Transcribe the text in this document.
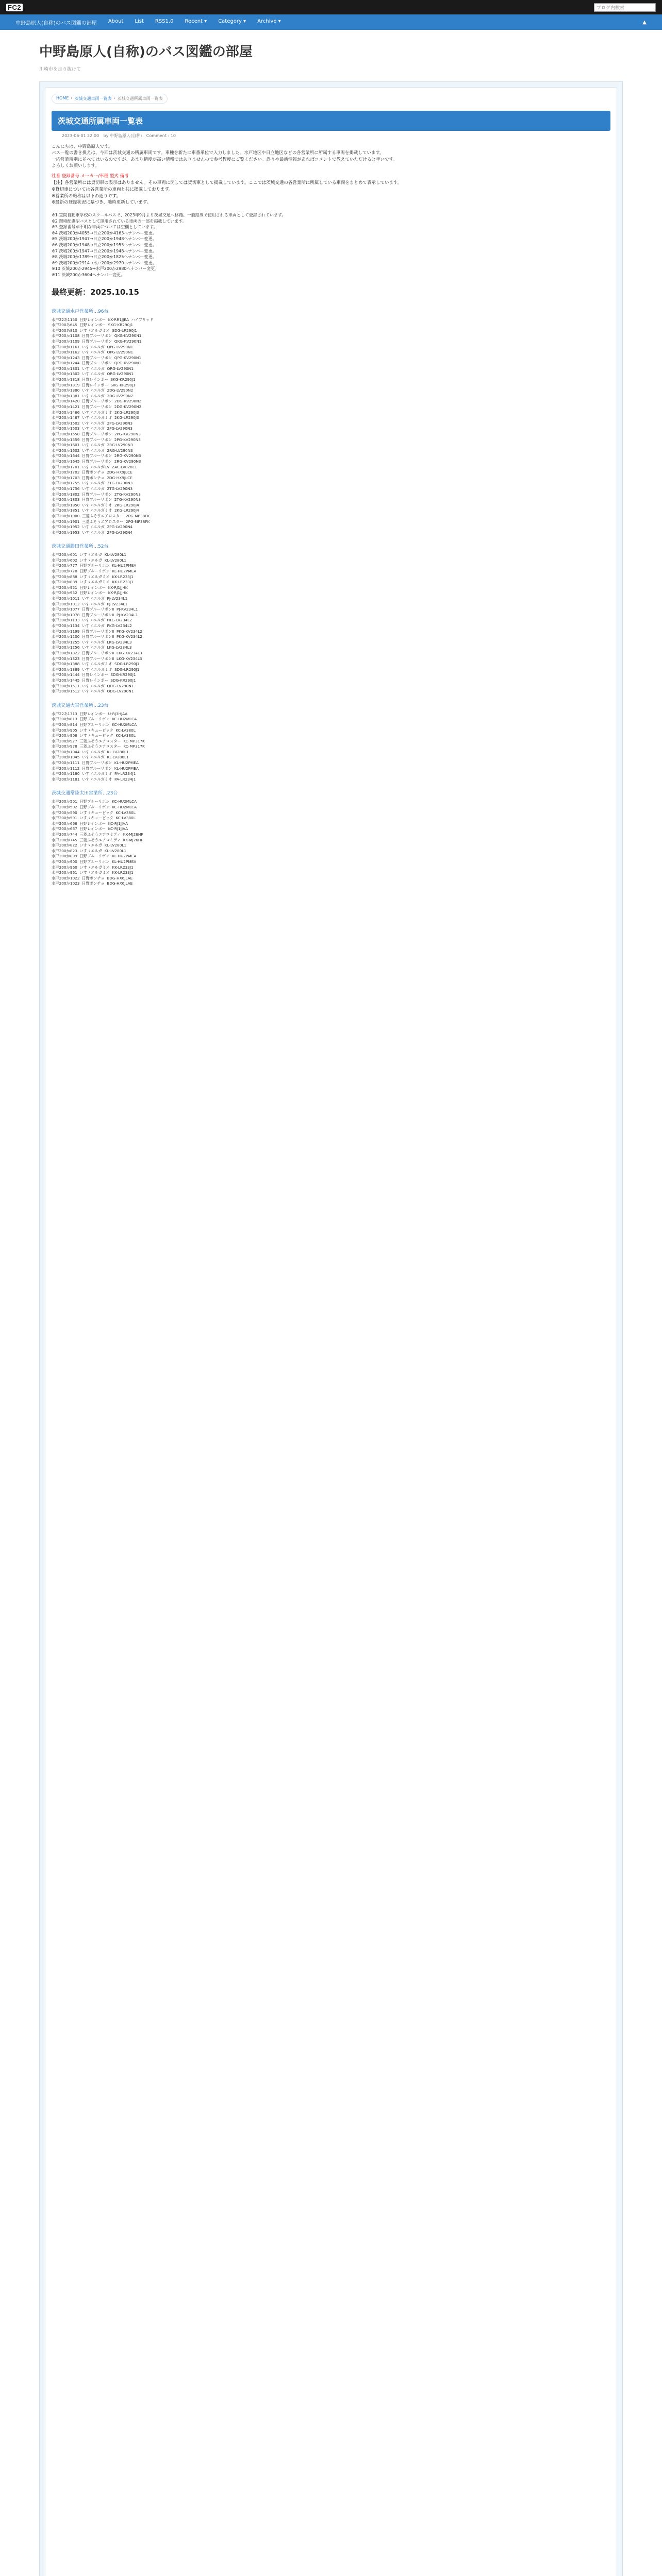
FC2	ブログ内検索
中野島原人(自称)のバス図鑑の部屋 About List RSS1.0 Recent ▾ Category ▾ Archive ▾	▲
中野島原人(自称)のバス図鑑の部屋
川崎市を走り抜けて
HOME › 茨城交通車両一覧表 › 茨城交通所属車両一覧表
茨城交通所属車両一覧表
2023-06-01 22:00 by 中野島原人(自称) Comment : 10
こんにちは、中野島原人です。
バス一覧の書き換えは、今回は茨城交通の所属車両です。車種を新たに車番単位で入力しました。水戸地区や日立地区などの各営業所に所属する車両を掲載しています。
一応営業所別に並べてはいるのですが、あまり精度が高い情報ではありませんので参考程度にご覧ください。誤りや最新情報があればコメントで教えていただけると幸いです。
よろしくお願いします。
社番 登録番号 メーカー/車種 型式 備考
【注】各営業所には貸切車の表示はありません。その車両に関しては貸切車として掲載しています。ここでは茨城交通の各営業所に所属している車両をまとめて表示しています。
※貸切車については各営業所の車両と共に掲載しております。
※営業所の略称は以下の通りです。
※最新の登録状況に基づき、随時更新しています。
※1 笠間自動車学校のスクールバスで、2023年9月より茨城交通へ移籍。一般路線で使用される車両として登録されています。
※2 環境配慮型バスとして運用されている車両の一部を掲載しています。
※3 登録番号が不明な車両については空欄としています。
※4 茨城200か4055→日立200か4163へナンバー変更。
※5 茨城200か1947→日立200か1948へナンバー変更。
※6 茨城200か1948→日立200か1955へナンバー変更。
※7 茨城200か1947→日立200か1948へナンバー変更。
※8 茨城200か1789→日立200か1825へナンバー変更。
※9 茨城200か2914→水戸200か2970へナンバー変更。
※10 茨城200か2945→水戸200か2980へナンバー変更。
※11 茨城200か3604へナンバー変更。
最終更新：2025.10.15
茨城交通水戸営業所…96台
水戸22あ1150  日野レインボー  KK-RR1JJEA  ハイブリッド
水戸200あ645  日野レインボー  SKG-KR290J1
水戸200あ810  いすゞエルガミオ  SDG-LR290J1
水戸200か1108  日野ブルーリボン  QKG-KV290N1
水戸200か1109  日野ブルーリボン  QKG-KV290N1
水戸200か1161  いすゞエルガ  QPG-LV290N1
水戸200か1162  いすゞエルガ  QPG-LV290N1
水戸200か1243  日野ブルーリボン  QPG-KV290N1
水戸200か1244  日野ブルーリボン  QPG-KV290N1
水戸200か1301  いすゞエルガ  QRG-LV290N1
水戸200か1302  いすゞエルガ  QRG-LV290N1
水戸200か1318  日野レインボー  SKG-KR290J1
水戸200か1319  日野レインボー  SKG-KR290J1
水戸200か1380  いすゞエルガ  2DG-LV290N2
水戸200か1381  いすゞエルガ  2DG-LV290N2
水戸200か1420  日野ブルーリボン  2DG-KV290N2
水戸200か1421  日野ブルーリボン  2DG-KV290N2
水戸200か1466  いすゞエルガミオ  2KG-LR290J3
水戸200か1467  いすゞエルガミオ  2KG-LR290J3
水戸200か1502  いすゞエルガ  2PG-LV290N3
水戸200か1503  いすゞエルガ  2PG-LV290N3
水戸200か1558  日野ブルーリボン  2PG-KV290N3
水戸200か1559  日野ブルーリボン  2PG-KV290N3
水戸200か1601  いすゞエルガ  2RG-LV290N3
水戸200か1602  いすゞエルガ  2RG-LV290N3
水戸200か1644  日野ブルーリボン  2RG-KV290N3
水戸200か1645  日野ブルーリボン  2RG-KV290N3
水戸200か1701  いすゞエルガEV  ZAC-LV828L1
水戸200か1702  日野ポンチョ  2DG-HX9JLCE
水戸200か1703  日野ポンチョ  2DG-HX9JLCE
水戸200か1755  いすゞエルガ  2TG-LV290N3
水戸200か1756  いすゞエルガ  2TG-LV290N3
水戸200か1802  日野ブルーリボン  2TG-KV290N3
水戸200か1803  日野ブルーリボン  2TG-KV290N3
水戸200か1850  いすゞエルガミオ  2KG-LR290J4
水戸200か1851  いすゞエルガミオ  2KG-LR290J4
水戸200か1900  三菱ふそうエアロスター  2PG-MP38FK
水戸200か1901  三菱ふそうエアロスター  2PG-MP38FK
水戸200か1952  いすゞエルガ  2PG-LV290N4
水戸200か1953  いすゞエルガ  2PG-LV290N4
茨城交通勝田営業所…52台
水戸200か601  いすゞエルガ  KL-LV280L1
水戸200か602  いすゞエルガ  KL-LV280L1
水戸200か777  日野ブルーリボン  KL-HU2PMEA
水戸200か778  日野ブルーリボン  KL-HU2PMEA
水戸200か888  いすゞエルガミオ  KK-LR233J1
水戸200か889  いすゞエルガミオ  KK-LR233J1
水戸200か951  日野レインボー  KK-RJ1JJHK
水戸200か952  日野レインボー  KK-RJ1JJHK
水戸200か1011  いすゞエルガ  PJ-LV234L1
水戸200か1012  いすゞエルガ  PJ-LV234L1
水戸200か1077  日野ブルーリボンII  PJ-KV234L1
水戸200か1078  日野ブルーリボンII  PJ-KV234L1
水戸200か1133  いすゞエルガ  PKG-LV234L2
水戸200か1134  いすゞエルガ  PKG-LV234L2
水戸200か1199  日野ブルーリボンII  PKG-KV234L2
水戸200か1200  日野ブルーリボンII  PKG-KV234L2
水戸200か1255  いすゞエルガ  LKG-LV234L3
水戸200か1256  いすゞエルガ  LKG-LV234L3
水戸200か1322  日野ブルーリボンII  LKG-KV234L3
水戸200か1323  日野ブルーリボンII  LKG-KV234L3
水戸200か1388  いすゞエルガミオ  SDG-LR290J1
水戸200か1389  いすゞエルガミオ  SDG-LR290J1
水戸200か1444  日野レインボー  SDG-KR290J1
水戸200か1445  日野レインボー  SDG-KR290J1
水戸200か1511  いすゞエルガ  QDG-LV290N1
水戸200か1512  いすゞエルガ  QDG-LV290N1
茨城交通大宮営業所…23台
水戸22あ1713  日野レインボー  U-RJ3HJAA
水戸200か813  日野ブルーリボン  KC-HU2MLCA
水戸200か814  日野ブルーリボン  KC-HU2MLCA
水戸200か905  いすゞキュービック  KC-LV380L
水戸200か906  いすゞキュービック  KC-LV380L
水戸200か977  三菱ふそうエアロスター  KC-MP317K
水戸200か978  三菱ふそうエアロスター  KC-MP317K
水戸200か1044  いすゞエルガ  KL-LV280L1
水戸200か1045  いすゞエルガ  KL-LV280L1
水戸200か1111  日野ブルーリボン  KL-HU2PMEA
水戸200か1112  日野ブルーリボン  KL-HU2PMEA
水戸200か1180  いすゞエルガミオ  PA-LR234J1
水戸200か1181  いすゞエルガミオ  PA-LR234J1
茨城交通常陸太田営業所…23台
水戸200か501  日野ブルーリボン  KC-HU2MLCA
水戸200か502  日野ブルーリボン  KC-HU2MLCA
水戸200か590  いすゞキュービック  KC-LV380L
水戸200か591  いすゞキュービック  KC-LV380L
水戸200か666  日野レインボー  KC-RJ1JJAA
水戸200か667  日野レインボー  KC-RJ1JJAA
水戸200か744  三菱ふそうエアロミディ  KK-MJ26HF
水戸200か745  三菱ふそうエアロミディ  KK-MJ26HF
水戸200か822  いすゞエルガ  KL-LV280L1
水戸200か823  いすゞエルガ  KL-LV280L1
水戸200か899  日野ブルーリボン  KL-HU2PMEA
水戸200か900  日野ブルーリボン  KL-HU2PMEA
水戸200か960  いすゞエルガミオ  KK-LR233J1
水戸200か961  いすゞエルガミオ  KK-LR233J1
水戸200か1022  日野ポンチョ  BDG-HX6JLAE
水戸200か1023  日野ポンチョ  BDG-HX6JLAE
